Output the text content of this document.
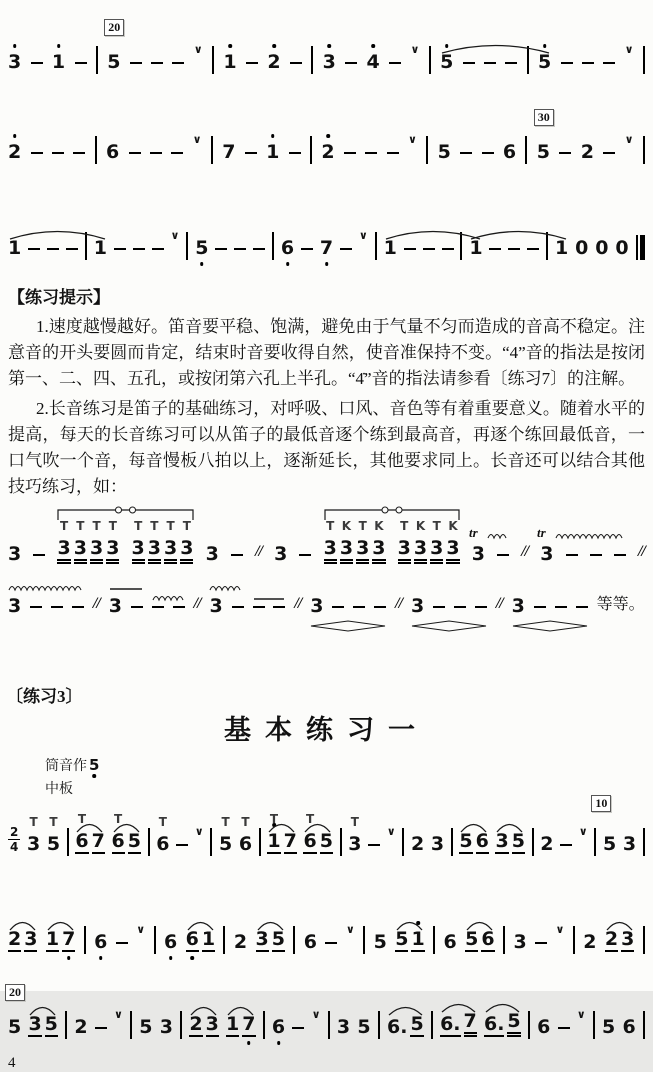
3 1 5
20
∨
1 2 3 4
∨
5	5
∨
2	6
∨
7 1 2
∨
5	6 5
30
2
∨
1	1
∨
5	6 7
∨
1	1	1 0 0 0
【练习提示】

1.速度越慢越好。笛音要平稳、饱满，避免由于气量不匀而造成的音高不稳定。注意音的开头要圆而肯定，结束时音要收得自然，使音准保持不变。“4”音的指法是按闭第一、二、四、五孔，或按闭第六孔上半孔。“4̇”音的指法请参看〔练习7〕的注解。

2.长音练习是笛子的基础练习，对呼吸、口风、音色等有着重要意义。随着水平的提高，每天的长音练习可以从笛子的最低音逐个练到最高音，再逐个练回最低音，一口气吹一个音，每音慢板八拍以上，逐渐延长，其他要求同上。长音还可以结合其他技巧练习，如：

3 3
T
3
T
3
T
3
T
3
T
3
T
3
T
3
T
3 // 3 3
T
3
K
3
T
3
K
3
T
3
K
3
T
3
K
3 // 3	//
tr	tr
3	// 3	// 3	// 3	// 3	// 3	等等。
〔练习3〕
基本练习一
筒音作 5
中板
2
4 3
T
5
T
6
T
7 6
T
5 6
T
∨
5
T
6
T
1
T
7 6
T
5 3
T
∨
2 3 5 6 3 5 2
∨
10
5 3
2 3 1 7 6
∨
6 6 1 2 3 5 6
∨
5 5 1 6 5 6 3
∨
2 2 3
5
20
3 5 2
∨
5 3 2 3 1 7 6
∨
3 5 6. 5 6. 7 6. 5 6
∨
5 6
4
